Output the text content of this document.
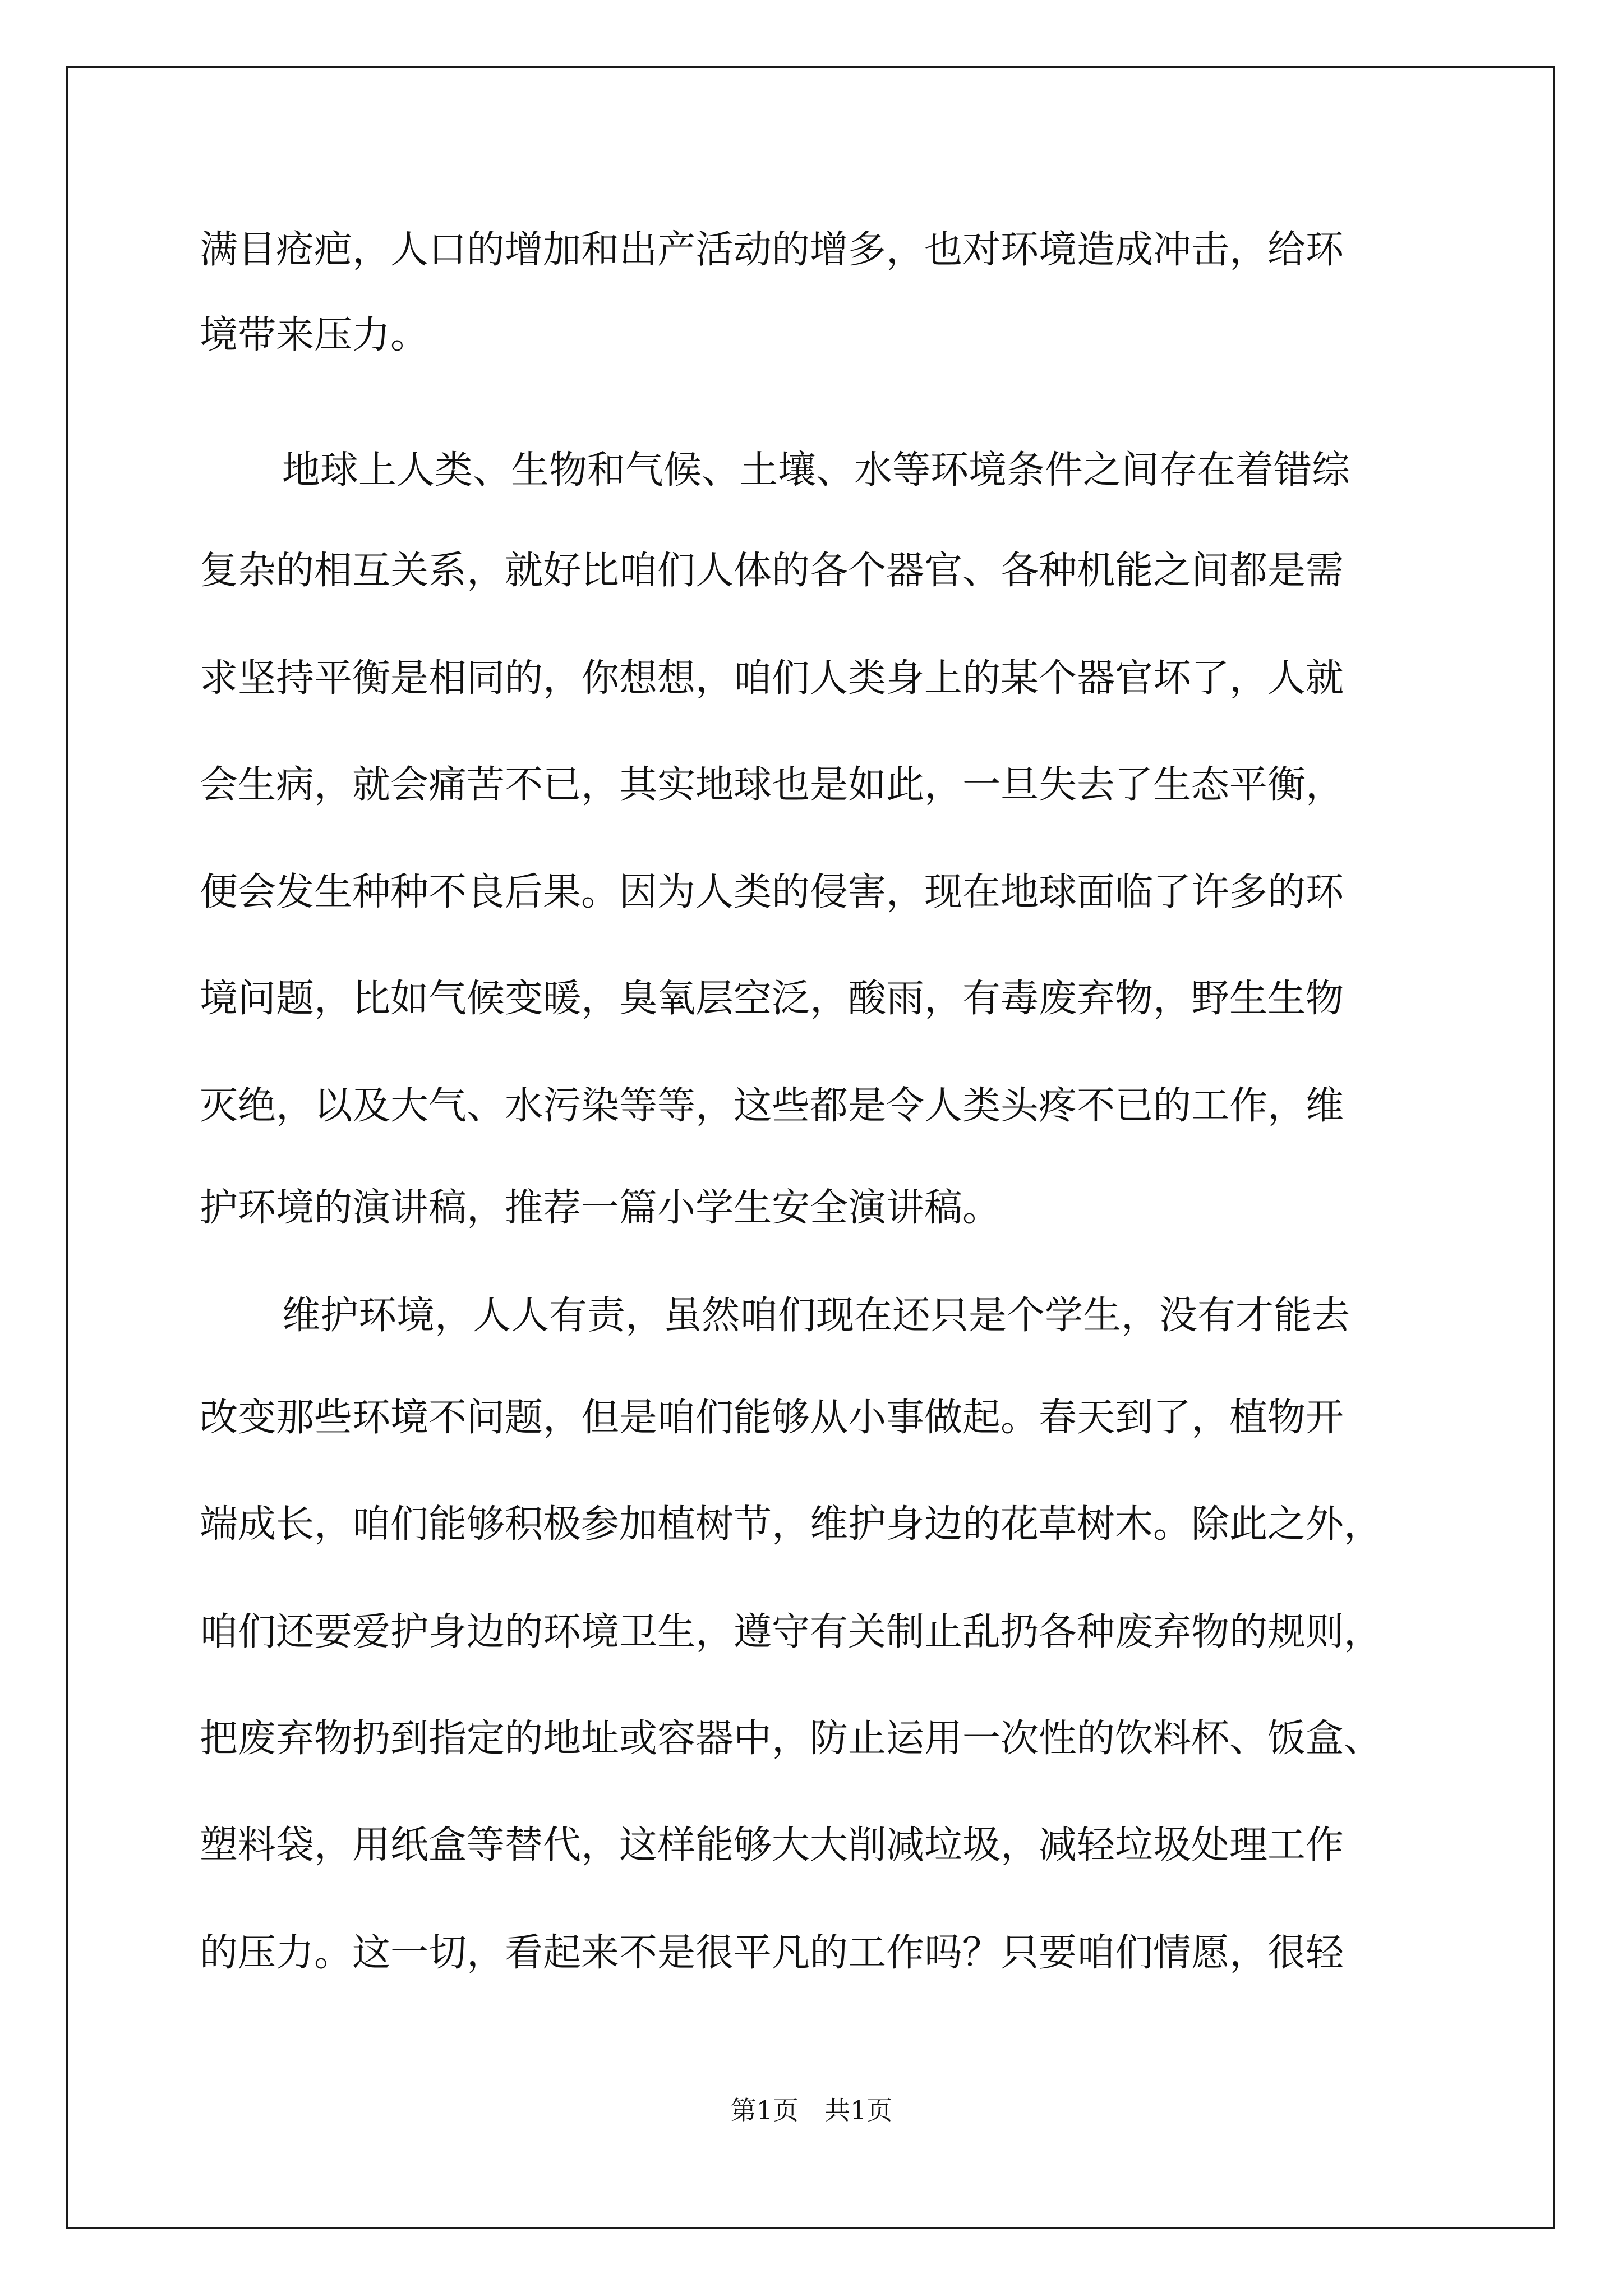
满目疮疤，人口的增加和出产活动的增多，也对环境造成冲击，给环
境带来压力。
地球上人类、生物和气候、土壤、水等环境条件之间存在着错综
复杂的相互关系，就好比咱们人体的各个器官、各种机能之间都是需
求坚持平衡是相同的，你想想，咱们人类身上的某个器官坏了，人就
会生病，就会痛苦不已，其实地球也是如此，一旦失去了生态平衡，
便会发生种种不良后果。因为人类的侵害，现在地球面临了许多的环
境问题，比如气候变暖，臭氧层空泛，酸雨，有毒废弃物，野生生物
灭绝，以及大气、水污染等等，这些都是令人类头疼不已的工作，维
护环境的演讲稿，推荐一篇小学生安全演讲稿。
维护环境，人人有责，虽然咱们现在还只是个学生，没有才能去
改变那些环境不问题，但是咱们能够从小事做起。春天到了，植物开
端成长，咱们能够积极参加植树节，维护身边的花草树木。除此之外，
咱们还要爱护身边的环境卫生，遵守有关制止乱扔各种废弃物的规则，
把废弃物扔到指定的地址或容器中，防止运用一次性的饮料杯、饭盒、
塑料袋，用纸盒等替代，这样能够大大削减垃圾，减轻垃圾处理工作
的压力。这一切，看起来不是很平凡的工作吗？只要咱们情愿，很轻
第1页　共1页
